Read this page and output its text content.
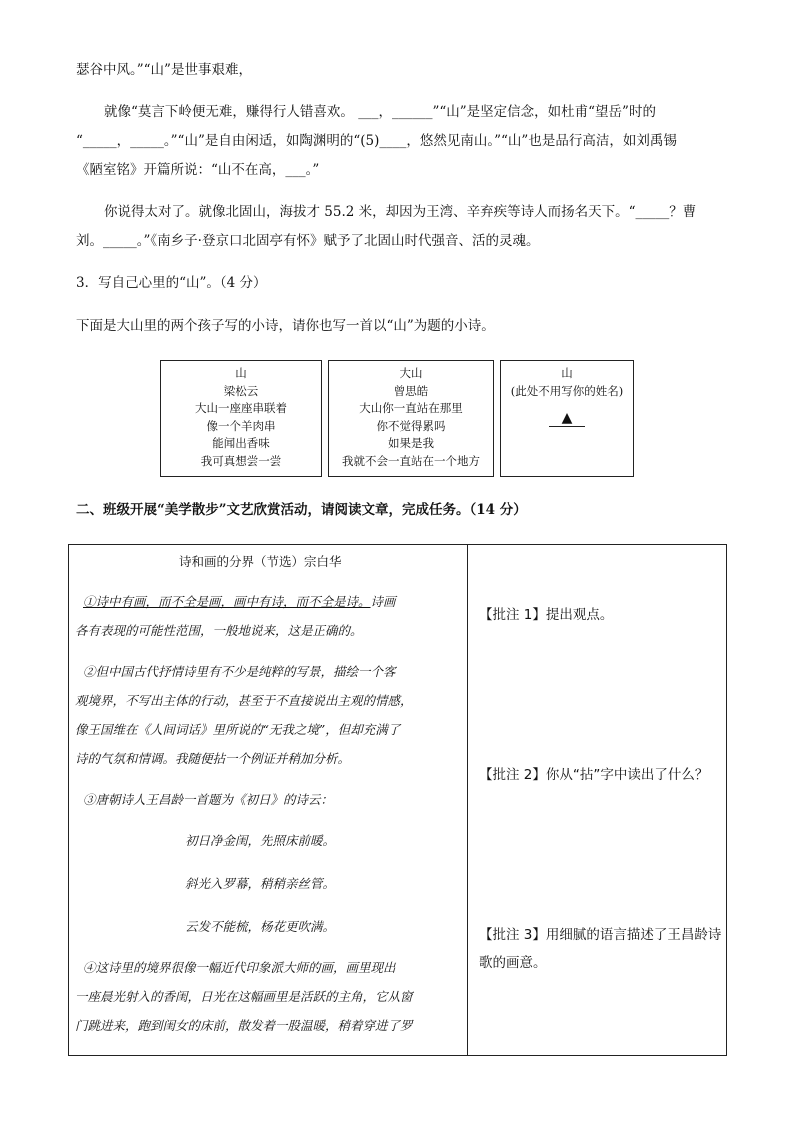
瑟谷中风。”“山”是世事艰难，
就像“莫言下岭便无难，赚得行人错喜欢。 ___，______”“山”是坚定信念，如杜甫“望岳”时的
“_____，_____。”“山”是自由闲适，如陶渊明的“(5)____，悠然见南山。”“山”也是品行高洁，如刘禹锡
《陋室铭》开篇所说：“山不在高，___。”
你说得太对了。就像北固山，海拔才 55.2 米，却因为王湾、辛弃疾等诗人而扬名天下。“_____？曹
刘。_____。”《南乡子·登京口北固亭有怀》赋予了北固山时代强音、活的灵魂。
3．写自己心里的“山”。（4 分）
下面是大山里的两个孩子写的小诗，请你也写一首以“山”为题的小诗。
山
梁松云
大山一座座串联着
像一个羊肉串
能闻出香味
我可真想尝一尝
大山
曾思皓
大山你一直站在那里
你不觉得累吗
如果是我
我就不会一直站在一个地方
山
(此处不用写你的姓名)
▲
二、班级开展“美学散步”文艺欣赏活动，请阅读文章，完成任务。（14 分）
诗和画的分界（节选）宗白华
①诗中有画，而不全是画，画中有诗，而不全是诗。诗画
各有表现的可能性范围，一般地说来，这是正确的。
②但中国古代抒情诗里有不少是纯粹的写景，描绘一个客
观境界，不写出主体的行动，甚至于不直接说出主观的情感，
像王国维在《人间词话》里所说的“无我之境”，但却充满了
诗的气氛和情调。我随便拈一个例证并稍加分析。
③唐朝诗人王昌龄一首题为《初日》的诗云：
初日净金闺，先照床前暖。
斜光入罗幕，稍稍亲丝管。
云发不能梳，杨花更吹满。
④这诗里的境界很像一幅近代印象派大师的画，画里现出
一座晨光射入的香闺，日光在这幅画里是活跃的主角，它从窗
门跳进来，跑到闺女的床前，散发着一股温暖，稍着穿进了罗
【批注 1】提出观点。
【批注 2】你从“拈”字中读出了什么？
【批注 3】用细腻的语言描述了王昌龄诗
歌的画意。
